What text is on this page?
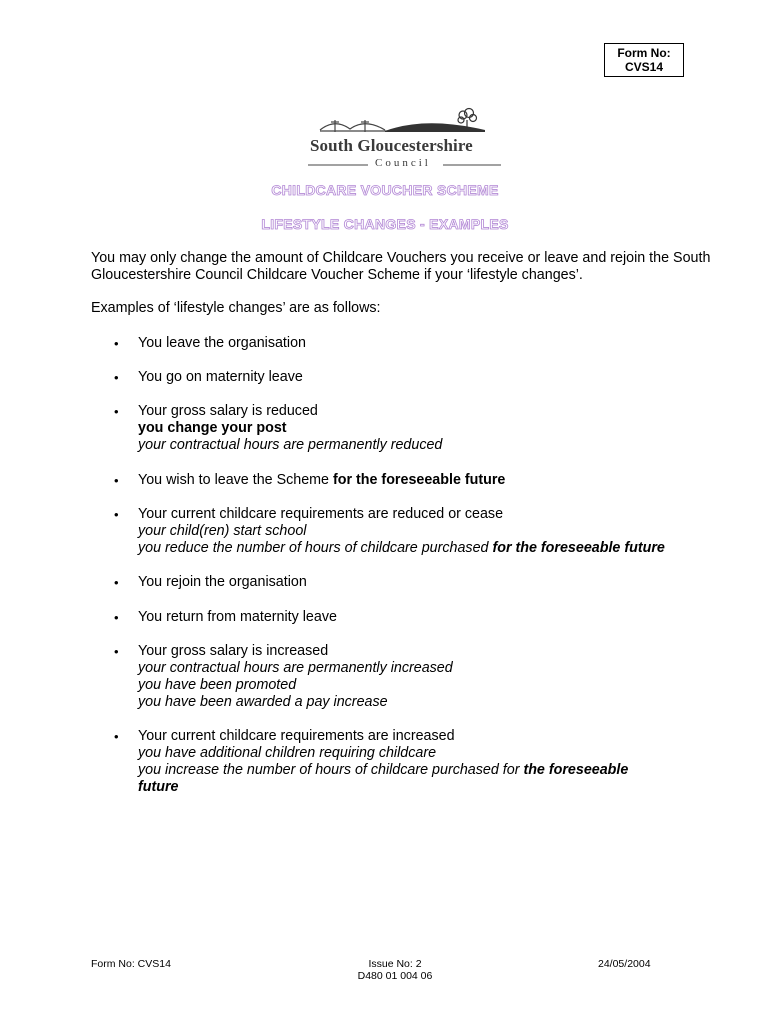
Form No:
CVS14
South Gloucestershire
Council
CHILDCARE VOUCHER SCHEME
LIFESTYLE CHANGES - EXAMPLES
You may only change the amount of Childcare Vouchers you receive or leave and rejoin the South Gloucestershire Council Childcare Voucher Scheme if your ‘lifestyle changes’.
Examples of ‘lifestyle changes’ are as follows:
• You leave the organisation
• You go on maternity leave
• Your gross salary is reduced
you change your post
your contractual hours are permanently reduced
• You wish to leave the Scheme for the foreseeable future
• Your current childcare requirements are reduced or cease
your child(ren) start school
you reduce the number of hours of childcare purchased for the foreseeable future
• You rejoin the organisation
• You return from maternity leave
• Your gross salary is increased
your contractual hours are permanently increased
you have been promoted
you have been awarded a pay increase
• Your current childcare requirements are increased
you have additional children requiring childcare
you increase the number of hours of childcare purchased for the foreseeable
future
Form No: CVS14	Issue No: 2
D480 01 004 06
24/05/2004
